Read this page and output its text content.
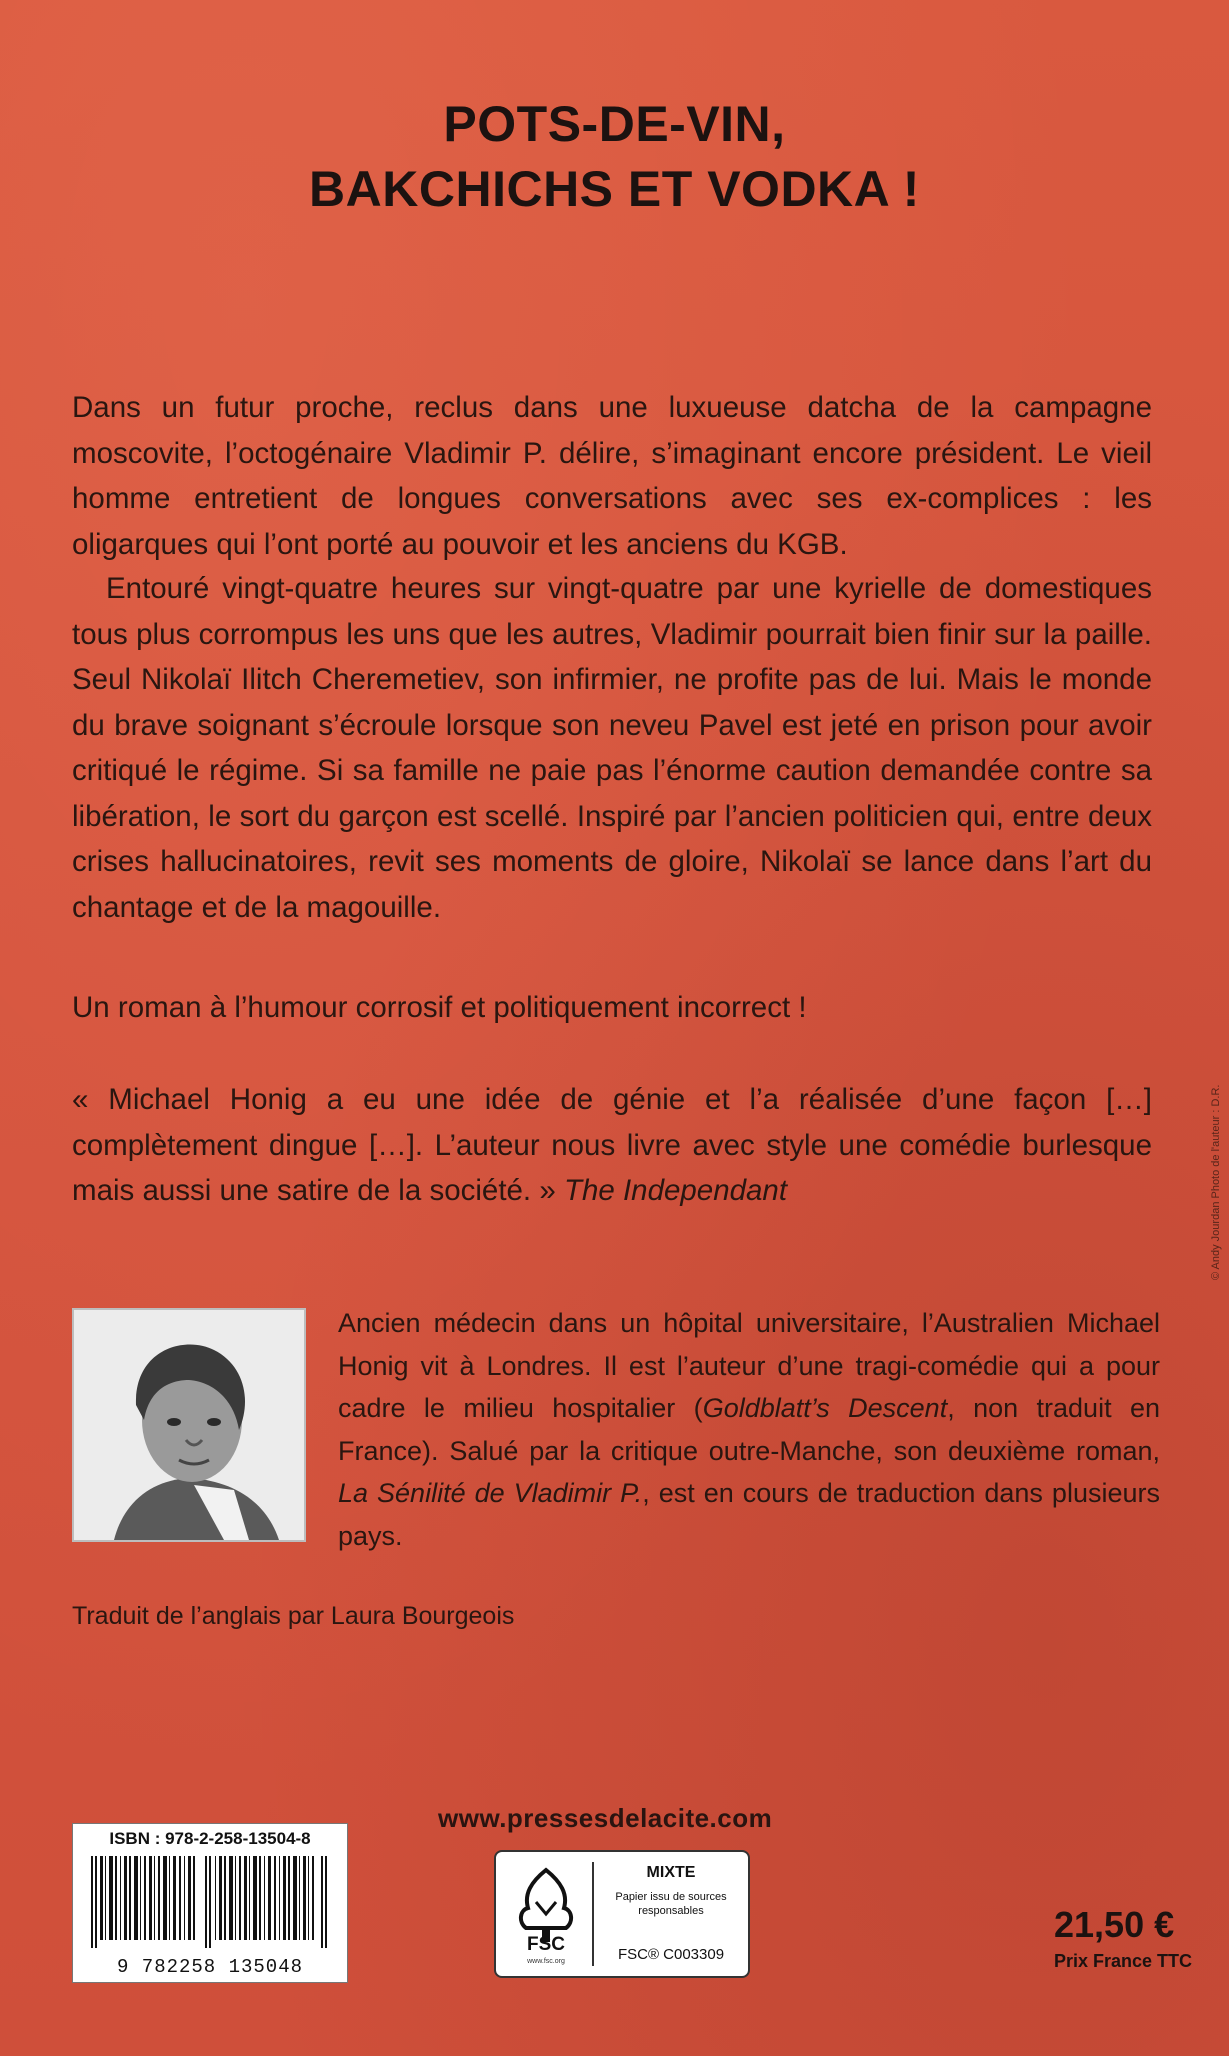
POTS-DE-VIN,
BAKCHICHS ET VODKA !
Dans un futur proche, reclus dans une luxueuse datcha de la campagne moscovite, l’octogénaire Vladimir P. délire, s’imaginant encore président. Le vieil homme entretient de longues conversations avec ses ex-complices : les oligarques qui l’ont porté au pouvoir et les anciens du KGB.
Entouré vingt-quatre heures sur vingt-quatre par une kyrielle de domestiques tous plus corrompus les uns que les autres, Vladimir pourrait bien finir sur la paille. Seul Nikolaï Ilitch Cheremetiev, son infirmier, ne profite pas de lui. Mais le monde du brave soignant s’écroule lorsque son neveu Pavel est jeté en prison pour avoir critiqué le régime. Si sa famille ne paie pas l’énorme caution demandée contre sa libération, le sort du garçon est scellé. Inspiré par l’ancien politicien qui, entre deux crises hallucinatoires, revit ses moments de gloire, Nikolaï se lance dans l’art du chantage et de la magouille.
Un roman à l’humour corrosif et politiquement incorrect !
« Michael Honig a eu une idée de génie et l’a réalisée d’une façon […] complètement dingue […]. L’auteur nous livre avec style une comédie burlesque mais aussi une satire de la société. » The Independant
Ancien médecin dans un hôpital universitaire, l’Australien Michael Honig vit à Londres. Il est l’auteur d’une tragi-comédie qui a pour cadre le milieu hospitalier (Goldblatt’s Descent, non traduit en France). Salué par la critique outre-Manche, son deuxième roman, La Sénilité de Vladimir P., est en cours de traduction dans plusieurs pays.
Traduit de l’anglais par Laura Bourgeois
© Andy Jourdan Photo de l'auteur : D.R.
www.pressesdelacite.com
ISBN : 978-2-258-13504-8
9 782258 135048
FSC
www.fsc.org
MIXTE
Papier issu de sources responsables
FSC® C003309
21,50 €
Prix France TTC
